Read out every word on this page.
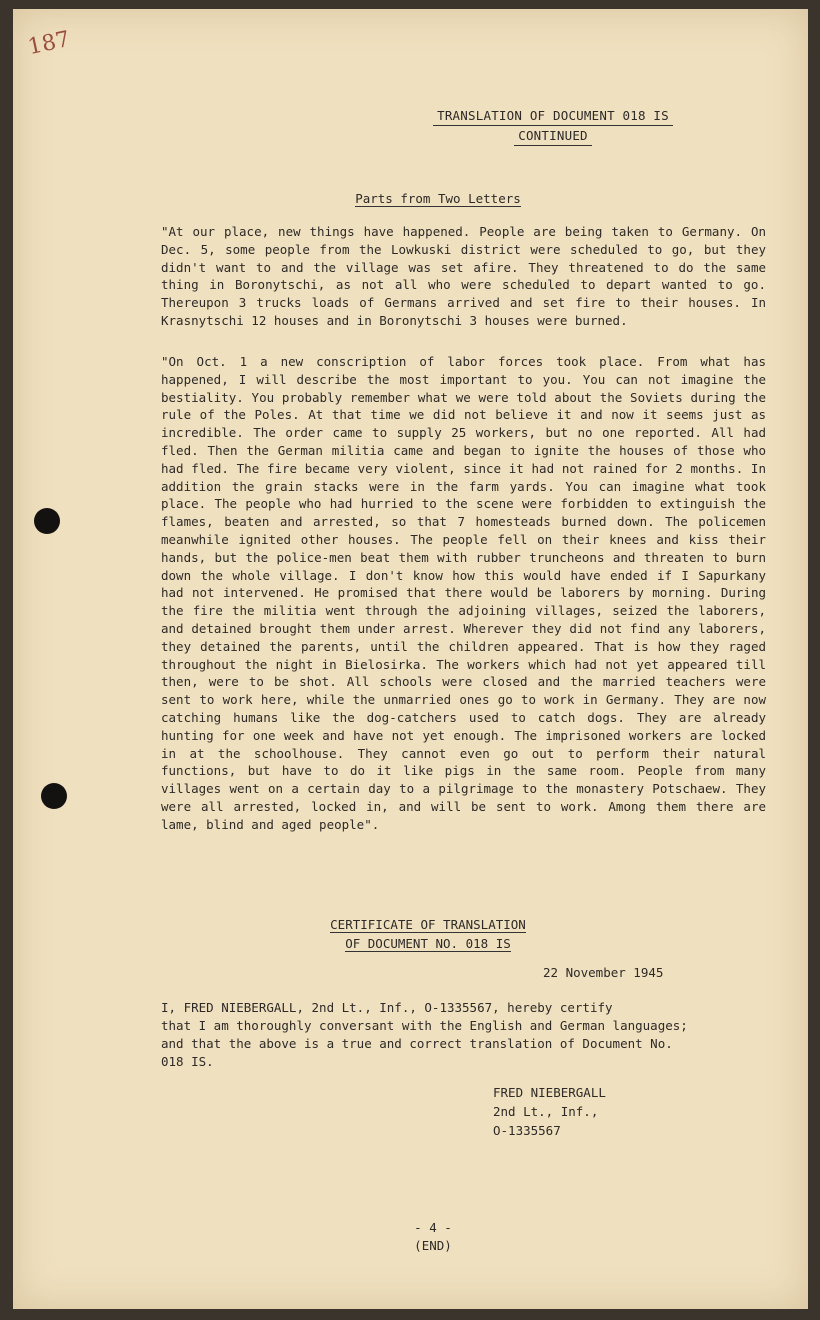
187
TRANSLATION OF DOCUMENT 018 IS
CONTINUED
Parts from Two Letters
"At our place, new things have happened. People are being taken to Germany. On Dec. 5, some people from the Lowkuski district were scheduled to go, but they didn't want to and the village was set afire. They threatened to do the same thing in Boronytschi, as not all who were scheduled to depart wanted to go. Thereupon 3 trucks loads of Germans arrived and set fire to their houses. In Krasnytschi 12 houses and in Boronytschi 3 houses were burned.
"On Oct. 1 a new conscription of labor forces took place. From what has happened, I will describe the most important to you. You can not imagine the bestiality. You probably remember what we were told about the Soviets during the rule of the Poles. At that time we did not believe it and now it seems just as incredible. The order came to supply 25 workers, but no one reported. All had fled. Then the German militia came and began to ignite the houses of those who had fled. The fire became very violent, since it had not rained for 2 months. In addition the grain stacks were in the farm yards. You can imagine what took place. The people who had hurried to the scene were forbidden to extinguish the flames, beaten and arrested, so that 7 homesteads burned down. The policemen meanwhile ignited other houses. The people fell on their knees and kiss their hands, but the police-men beat them with rubber truncheons and threaten to burn down the whole village. I don't know how this would have ended if I Sapurkany had not intervened. He promised that there would be laborers by morning. During the fire the militia went through the adjoining villages, seized the laborers, and detained brought them under arrest. Wherever they did not find any laborers, they detained the parents, until the children appeared. That is how they raged throughout the night in Bielosirka. The workers which had not yet appeared till then, were to be shot. All schools were closed and the married teachers were sent to work here, while the unmarried ones go to work in Germany. They are now catching humans like the dog-catchers used to catch dogs. They are already hunting for one week and have not yet enough. The imprisoned workers are locked in at the schoolhouse. They cannot even go out to perform their natural functions, but have to do it like pigs in the same room. People from many villages went on a certain day to a pilgrimage to the monastery Potschaew. They were all arrested, locked in, and will be sent to work. Among them there are lame, blind and aged people".
CERTIFICATE OF TRANSLATION
OF DOCUMENT NO. 018 IS
22 November 1945
I, FRED NIEBERGALL, 2nd Lt., Inf., O-1335567, hereby certify
that I am thoroughly conversant with the English and German languages;
and that the above is a true and correct translation of Document No.
018 IS.
FRED NIEBERGALL
2nd Lt., Inf.,
O-1335567
- 4 -
(END)
